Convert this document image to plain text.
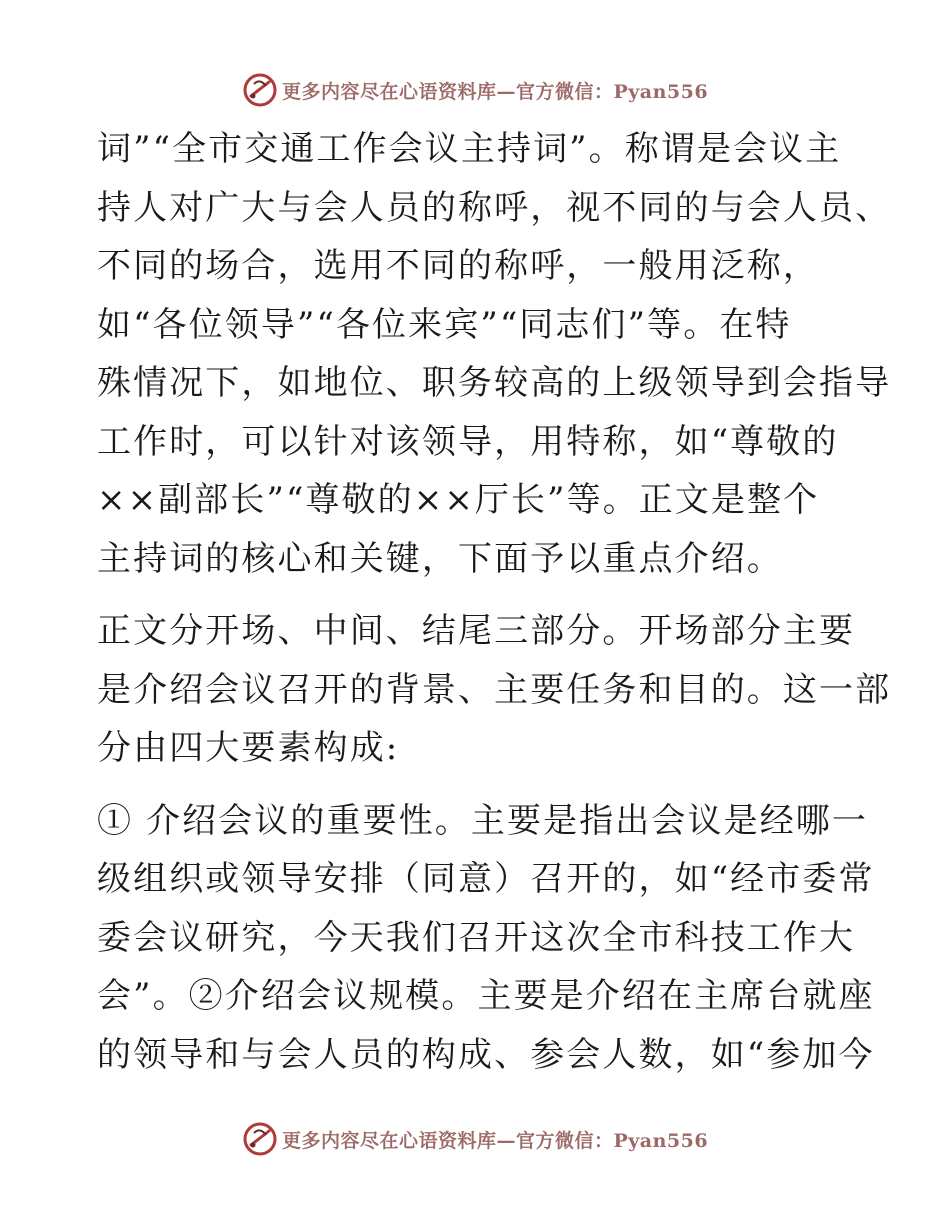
更多内容尽在心语资料库—官方微信：Pyan556

词”“全市交通工作会议主持词”。称谓是会议主
持人对广大与会人员的称呼，视不同的与会人员、
不同的场合，选用不同的称呼，一般用泛称，
如“各位领导”“各位来宾”“同志们”等。在特
殊情况下，如地位、职务较高的上级领导到会指导
工作时，可以针对该领导，用特称，如“尊敬的
××副部长”“尊敬的××厅长”等。正文是整个
主持词的核心和关键，下面予以重点介绍。

正文分开场、中间、结尾三部分。开场部分主要
是介绍会议召开的背景、主要任务和目的。这一部
分由四大要素构成:

① 介绍会议的重要性。主要是指出会议是经哪一
级组织或领导安排（同意）召开的，如“经市委常
委会议研究，今天我们召开这次全市科技工作大
会”。②介绍会议规模。主要是介绍在主席台就座
的领导和与会人员的构成、参会人数，如“参加今

更多内容尽在心语资料库—官方微信：Pyan556
